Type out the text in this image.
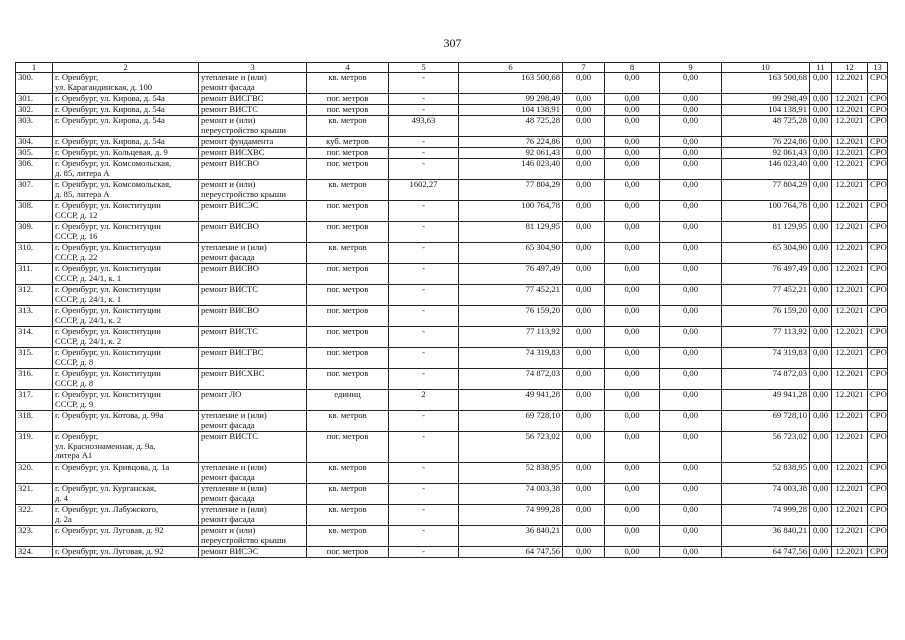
307
1	2	3	4	5	6	7	8	9	10	11	12	13
300.	г. Оренбург,
ул. Карагандинская, д. 100	утепление и (или)
ремонт фасада	кв. метров	-	163 500,68	0,00	0,00	0,00	163 500,68	0,00	12.2021	СРО
301.	г. Оренбург, ул. Кирова, д. 54а	ремонт ВИСГВС	пог. метров	-	99 298,49	0,00	0,00	0,00	99 298,49	0,00	12.2021	СРО
302.	г. Оренбург, ул. Кирова, д. 54а	ремонт ВИСТС	пог. метров	-	104 138,91	0,00	0,00	0,00	104 138,91	0,00	12.2021	СРО
303.	г. Оренбург, ул. Кирова, д. 54а	ремонт и (или)
переустройство крыши	кв. метров	493,63	48 725,28	0,00	0,00	0,00	48 725,28	0,00	12.2021	СРО
304.	г. Оренбург, ул. Кирова, д. 54а	ремонт фундамента	куб. метров	-	76 224,86	0,00	0,00	0,00	76 224,86	0,00	12.2021	СРО
305.	г. Оренбург, ул. Кольцевая, д. 9	ремонт ВИСХВС	пог. метров	-	92 061,43	0,00	0,00	0,00	92 061,43	0,00	12.2021	СРО
306.	г. Оренбург, ул. Комсомольская,
д. 85, литера А	ремонт ВИСВО	пог. метров	-	146 023,40	0,00	0,00	0,00	146 023,40	0,00	12.2021	СРО
307.	г. Оренбург, ул. Комсомольская,
д. 85, литера А	ремонт и (или)
переустройство крыши	кв. метров	1602,27	77 804,29	0,00	0,00	0,00	77 804,29	0,00	12.2021	СРО
308.	г. Оренбург, ул. Конституции
СССР, д. 12	ремонт ВИСЭС	пог. метров	-	100 764,78	0,00	0,00	0,00	100 764,78	0,00	12.2021	СРО
309.	г. Оренбург, ул. Конституции
СССР, д. 16	ремонт ВИСВО	пог. метров	-	81 129,95	0,00	0,00	0,00	81 129,95	0,00	12.2021	СРО
310.	г. Оренбург, ул. Конституции
СССР, д. 22	утепление и (или)
ремонт фасада	кв. метров	-	65 304,90	0,00	0,00	0,00	65 304,90	0,00	12.2021	СРО
311.	г. Оренбург, ул. Конституции
СССР, д. 24/1, к. 1	ремонт ВИСВО	пог. метров	-	76 497,49	0,00	0,00	0,00	76 497,49	0,00	12.2021	СРО
312.	г. Оренбург, ул. Конституции
СССР, д. 24/1, к. 1	ремонт ВИСТС	пог. метров	-	77 452,21	0,00	0,00	0,00	77 452,21	0,00	12.2021	СРО
313.	г. Оренбург, ул. Конституции
СССР, д. 24/1, к. 2	ремонт ВИСВО	пог. метров	-	76 159,20	0,00	0,00	0,00	76 159,20	0,00	12.2021	СРО
314.	г. Оренбург, ул. Конституции
СССР, д. 24/1, к. 2	ремонт ВИСТС	пог. метров	-	77 113,92	0,00	0,00	0,00	77 113,92	0,00	12.2021	СРО
315.	г. Оренбург, ул. Конституции
СССР, д. 8	ремонт ВИСГВС	пог. метров	-	74 319,83	0,00	0,00	0,00	74 319,83	0,00	12.2021	СРО
316.	г. Оренбург, ул. Конституции
СССР, д. 8	ремонт ВИСХВС	пог. метров	-	74 872,03	0,00	0,00	0,00	74 872,03	0,00	12.2021	СРО
317.	г. Оренбург, ул. Конституции
СССР, д. 9	ремонт ЛО	единиц	2	49 941,28	0,00	0,00	0,00	49 941,28	0,00	12.2021	СРО
318.	г. Оренбург, ул. Котова, д. 99а	утепление и (или)
ремонт фасада	кв. метров	-	69 728,10	0,00	0,00	0,00	69 728,10	0,00	12.2021	СРО
319.	г. Оренбург,
ул. Краснознаменная, д. 9а,
литера А1	ремонт ВИСТС	пог. метров	-	56 723,02	0,00	0,00	0,00	56 723,02	0,00	12.2021	СРО
320.	г. Оренбург, ул. Кривцова, д. 1а	утепление и (или)
ремонт фасада	кв. метров	-	52 838,95	0,00	0,00	0,00	52 838,95	0,00	12.2021	СРО
321.	г. Оренбург, ул. Курганская,
д. 4	утепление и (или)
ремонт фасада	кв. метров	-	74 003,38	0,00	0,00	0,00	74 003,38	0,00	12.2021	СРО
322.	г. Оренбург, ул. Лабужского,
д. 2а	утепление и (или)
ремонт фасада	кв. метров	-	74 999,28	0,00	0,00	0,00	74 999,28	0,00	12.2021	СРО
323.	г. Оренбург, ул. Луговая, д. 92	ремонт и (или)
переустройство крыши	кв. метров	-	36 840,21	0,00	0,00	0,00	36 840,21	0,00	12.2021	СРО
324.	г. Оренбург, ул. Луговая, д. 92	ремонт ВИСЭС	пог. метров	-	64 747,56	0,00	0,00	0,00	64 747,56	0,00	12.2021	СРО
